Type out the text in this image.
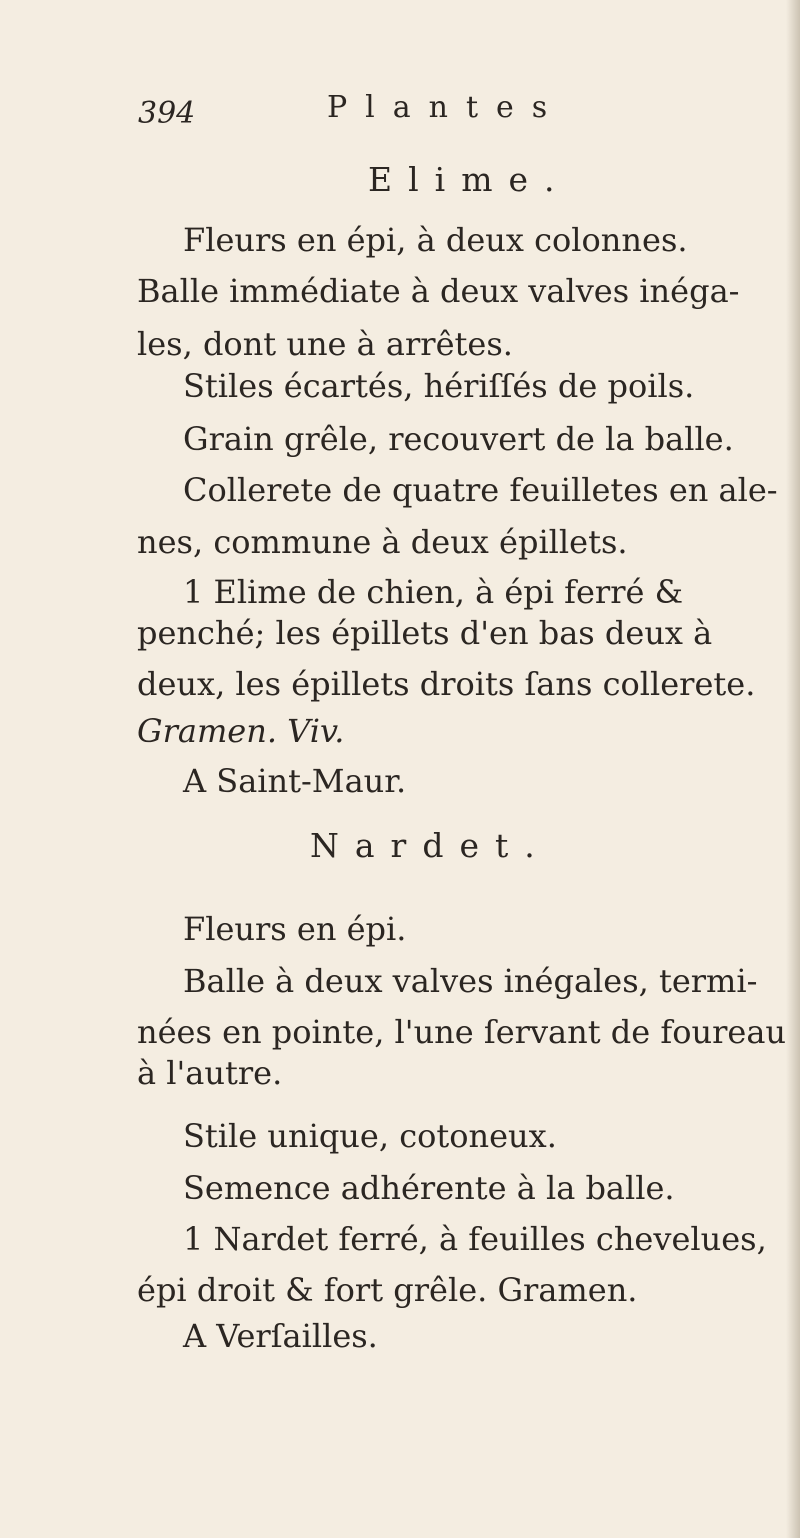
394	Plantes
Elime.
Fleurs en épi, à deux colonnes.
Balle immédiate à deux valves inéga-
les, dont une à arrêtes.
Stiles écartés, hériſſés de poils.
Grain grêle, recouvert de la balle.
Collerete de quatre feuilletes en ale-
nes, commune à deux épillets.
1 Elime de chien, à épi ferré &
penché; les épillets d'en bas deux à
deux, les épillets droits ſans collerete.
Gramen. Viv.
A Saint-Maur.
Nardet.
Fleurs en épi.
Balle à deux valves inégales, termi-
nées en pointe, l'une ſervant de foureau
à l'autre.
Stile unique, cotoneux.
Semence adhérente à la balle.
1 Nardet ferré, à feuilles chevelues,
épi droit & fort grêle. Gramen.
A Verſailles.
